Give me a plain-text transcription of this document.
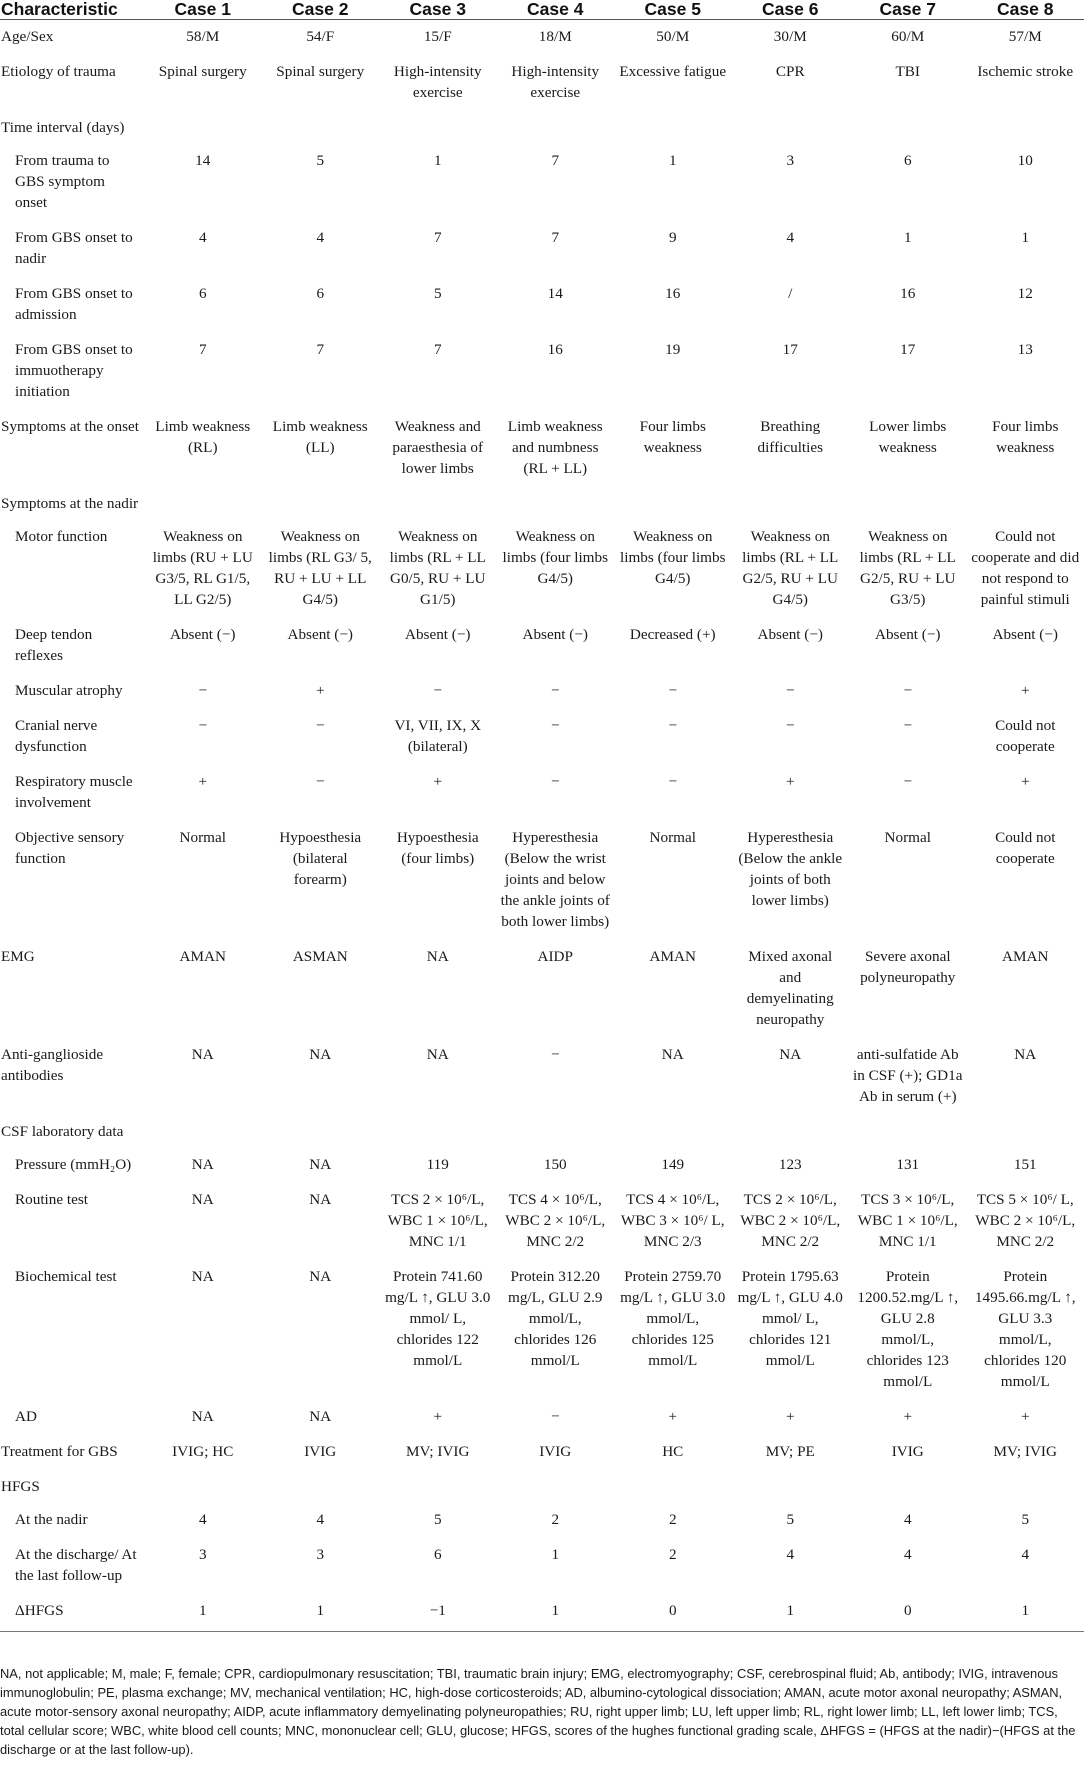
Characteristic	Case 1	Case 2	Case 3	Case 4	Case 5	Case 6	Case 7	Case 8
Age/Sex	58/M	54/F	15/F	18/M	50/M	30/M	60/M	57/M
Etiology of trauma	Spinal surgery	Spinal surgery	High-intensity exercise	High-intensity exercise	Excessive fatigue	CPR	TBI	Ischemic stroke
Time interval (days)								
From trauma to GBS symptom onset	14	5	1	7	1	3	6	10
From GBS onset to nadir	4	4	7	7	9	4	1	1
From GBS onset to admission	6	6	5	14	16	/	16	12
From GBS onset to immuotherapy initiation	7	7	7	16	19	17	17	13
Symptoms at the onset	Limb weakness (RL)	Limb weakness (LL)	Weakness and paraesthesia of lower limbs	Limb weakness and numbness (RL + LL)	Four limbs weakness	Breathing difficulties	Lower limbs weakness	Four limbs weakness
Symptoms at the nadir								
Motor function	Weakness on limbs (RU + LU G3/5, RL G1/5, LL G2/5)	Weakness on limbs (RL G3/ 5, RU + LU + LL G4/5)	Weakness on limbs (RL + LL G0/5, RU + LU G1/5)	Weakness on limbs (four limbs G4/5)	Weakness on limbs (four limbs G4/5)	Weakness on limbs (RL + LL G2/5, RU + LU G4/5)	Weakness on limbs (RL + LL G2/5, RU + LU G3/5)	Could not cooperate and did not respond to painful stimuli
Deep tendon reflexes	Absent (−)	Absent (−)	Absent (−)	Absent (−)	Decreased (+)	Absent (−)	Absent (−)	Absent (−)
Muscular atrophy	−	+	−	−	−	−	−	+
Cranial nerve dysfunction	−	−	VI, VII, IX, X (bilateral)	−	−	−	−	Could not cooperate
Respiratory muscle involvement	+	−	+	−	−	+	−	+
Objective sensory function	Normal	Hypoesthesia (bilateral forearm)	Hypoesthesia (four limbs)	Hyperesthesia (Below the wrist joints and below the ankle joints of both lower limbs)	Normal	Hyperesthesia (Below the ankle joints of both lower limbs)	Normal	Could not cooperate
EMG	AMAN	ASMAN	NA	AIDP	AMAN	Mixed axonal and demyelinating neuropathy	Severe axonal polyneuropathy	AMAN
Anti-ganglioside antibodies	NA	NA	NA	−	NA	NA	anti-sulfatide Ab in CSF (+); GD1a Ab in serum (+)	NA
CSF laboratory data								
Pressure (mmH₂O)	NA	NA	119	150	149	123	131	151
Routine test	NA	NA	TCS 2 × 10⁶/L, WBC 1 × 10⁶/L, MNC 1/1	TCS 4 × 10⁶/L, WBC 2 × 10⁶/L, MNC 2/2	TCS 4 × 10⁶/L, WBC 3 × 10⁶/ L, MNC 2/3	TCS 2 × 10⁶/L, WBC 2 × 10⁶/L, MNC 2/2	TCS 3 × 10⁶/L, WBC 1 × 10⁶/L, MNC 1/1	TCS 5 × 10⁶/ L, WBC 2 × 10⁶/L, MNC 2/2
Biochemical test	NA	NA	Protein 741.60 mg/L ↑, GLU 3.0 mmol/ L, chlorides 122 mmol/L	Protein 312.20 mg/L, GLU 2.9 mmol/L, chlorides 126 mmol/L	Protein 2759.70 mg/L ↑, GLU 3.0 mmol/L, chlorides 125 mmol/L	Protein 1795.63 mg/L ↑, GLU 4.0 mmol/ L, chlorides 121 mmol/L	Protein 1200.52.mg/L ↑, GLU 2.8 mmol/L, chlorides 123 mmol/L	Protein 1495.66.mg/L ↑, GLU 3.3 mmol/L, chlorides 120 mmol/L
AD	NA	NA	+	−	+	+	+	+
Treatment for GBS	IVIG; HC	IVIG	MV; IVIG	IVIG	HC	MV; PE	IVIG	MV; IVIG
HFGS								
At the nadir	4	4	5	2	2	5	4	5
At the discharge/ At the last follow-up	3	3	6	1	2	4	4	4
ΔHFGS	1	1	−1	1	0	1	0	1

NA, not applicable; M, male; F, female; CPR, cardiopulmonary resuscitation; TBI, traumatic brain injury; EMG, electromyography; CSF, cerebrospinal fluid; Ab, antibody; IVIG, intravenous immunoglobulin; PE, plasma exchange; MV, mechanical ventilation; HC, high-dose corticosteroids; AD, albumino-cytological dissociation; AMAN, acute motor axonal neuropathy; ASMAN, acute motor-sensory axonal neuropathy; AIDP, acute inflammatory demyelinating polyneuropathies; RU, right upper limb; LU, left upper limb; RL, right lower limb; LL, left lower limb; TCS, total cellular score; WBC, white blood cell counts; MNC, mononuclear cell; GLU, glucose; HFGS, scores of the hughes functional grading scale, ΔHFGS = (HFGS at the nadir)−(HFGS at the discharge or at the last follow-up).
